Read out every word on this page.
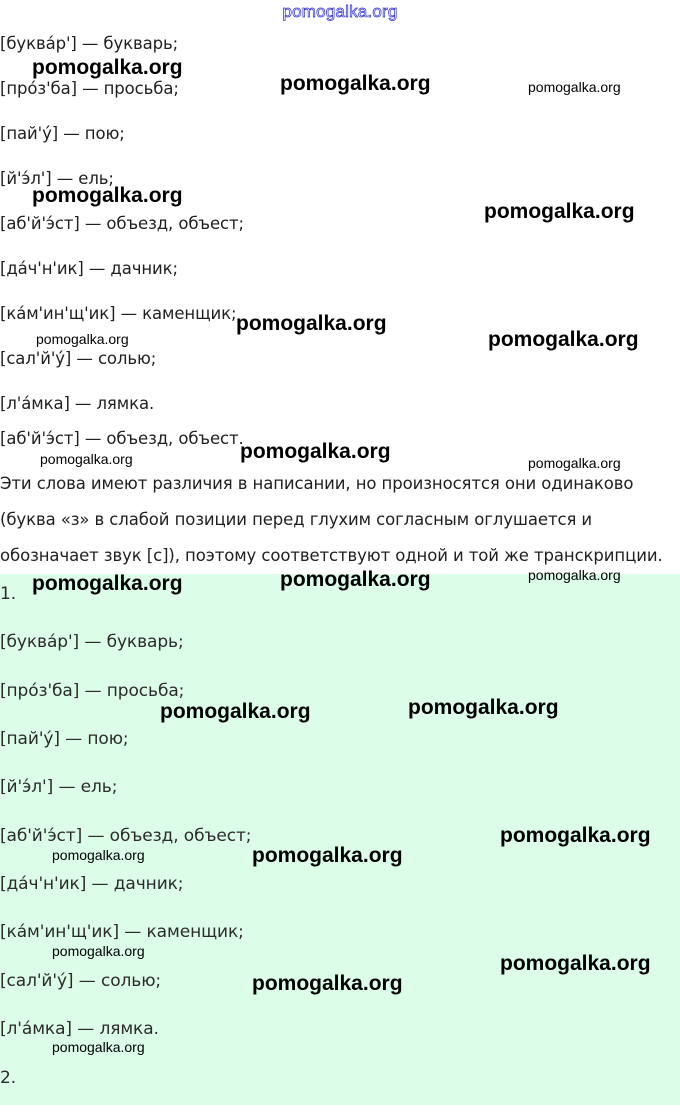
pomogalka.org
[буква́р'] — букварь;
[про́з'ба] — просьба;
[пай'у́] — пою;
[й'э́л'] — ель;
[аб'й'э́ст] — объезд, объест;
[да́ч'н'ик] — дачник;
[ка́м'ин'щ'ик] — каменщик;
[сал'й'у́] — солью;
[л'а́мка] — лямка.
[аб'й'э́ст] — объезд, объест.
Эти слова имеют различия в написании, но произносятся они одинаково
(буква «з» в слабой позиции перед глухим согласным оглушается и
обозначает звук [с]), поэтому соответствуют одной и той же транскрипции.
1.
[буква́р'] — букварь;
[про́з'ба] — просьба;
[пай'у́] — пою;
[й'э́л'] — ель;
[аб'й'э́ст] — объезд, объест;
[да́ч'н'ик] — дачник;
[ка́м'ин'щ'ик] — каменщик;
[сал'й'у́] — солью;
[л'а́мка] — лямка.
2.
pomogalka.org
pomogalka.org	pomogalka.org
pomogalka.org
pomogalka.org
pomogalka.org
pomogalka.org	pomogalka.org
pomogalka.org
pomogalka.org	pomogalka.org
pomogalka.org	pomogalka.org	pomogalka.org
pomogalka.org	pomogalka.org
pomogalka.org
pomogalka.org	pomogalka.org
pomogalka.org
pomogalka.org
pomogalka.org
pomogalka.org
